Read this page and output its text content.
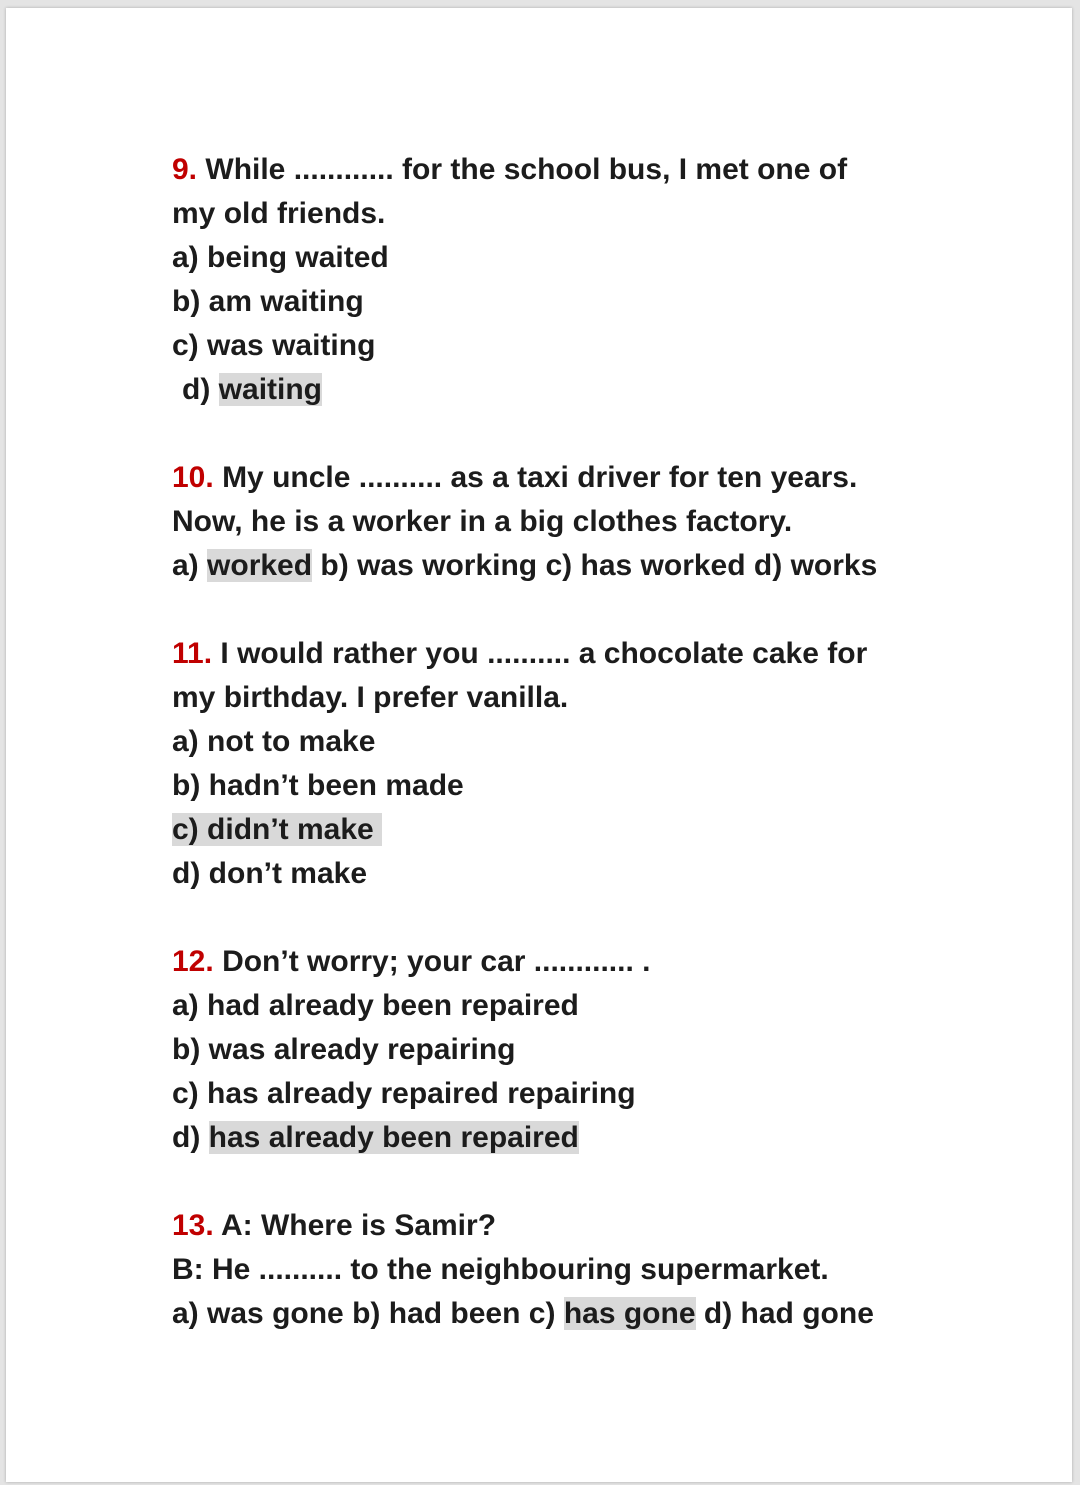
9. While ............ for the school bus, I met one of
my old friends.
a) being waited
b) am waiting
c) was waiting
d) waiting
10. My uncle .......... as a taxi driver for ten years.
Now, he is a worker in a big clothes factory.
a) worked b) was working c) has worked d) works
11. I would rather you .......... a chocolate cake for
my birthday. I prefer vanilla.
a) not to make
b) hadn’t been made
c) didn’t make
d) don’t make
12. Don’t worry; your car ............ .
a) had already been repaired
b) was already repairing
c) has already repaired repairing
d) has already been repaired
13. A: Where is Samir?
B: He .......... to the neighbouring supermarket.
a) was gone b) had been c) has gone d) had gone
